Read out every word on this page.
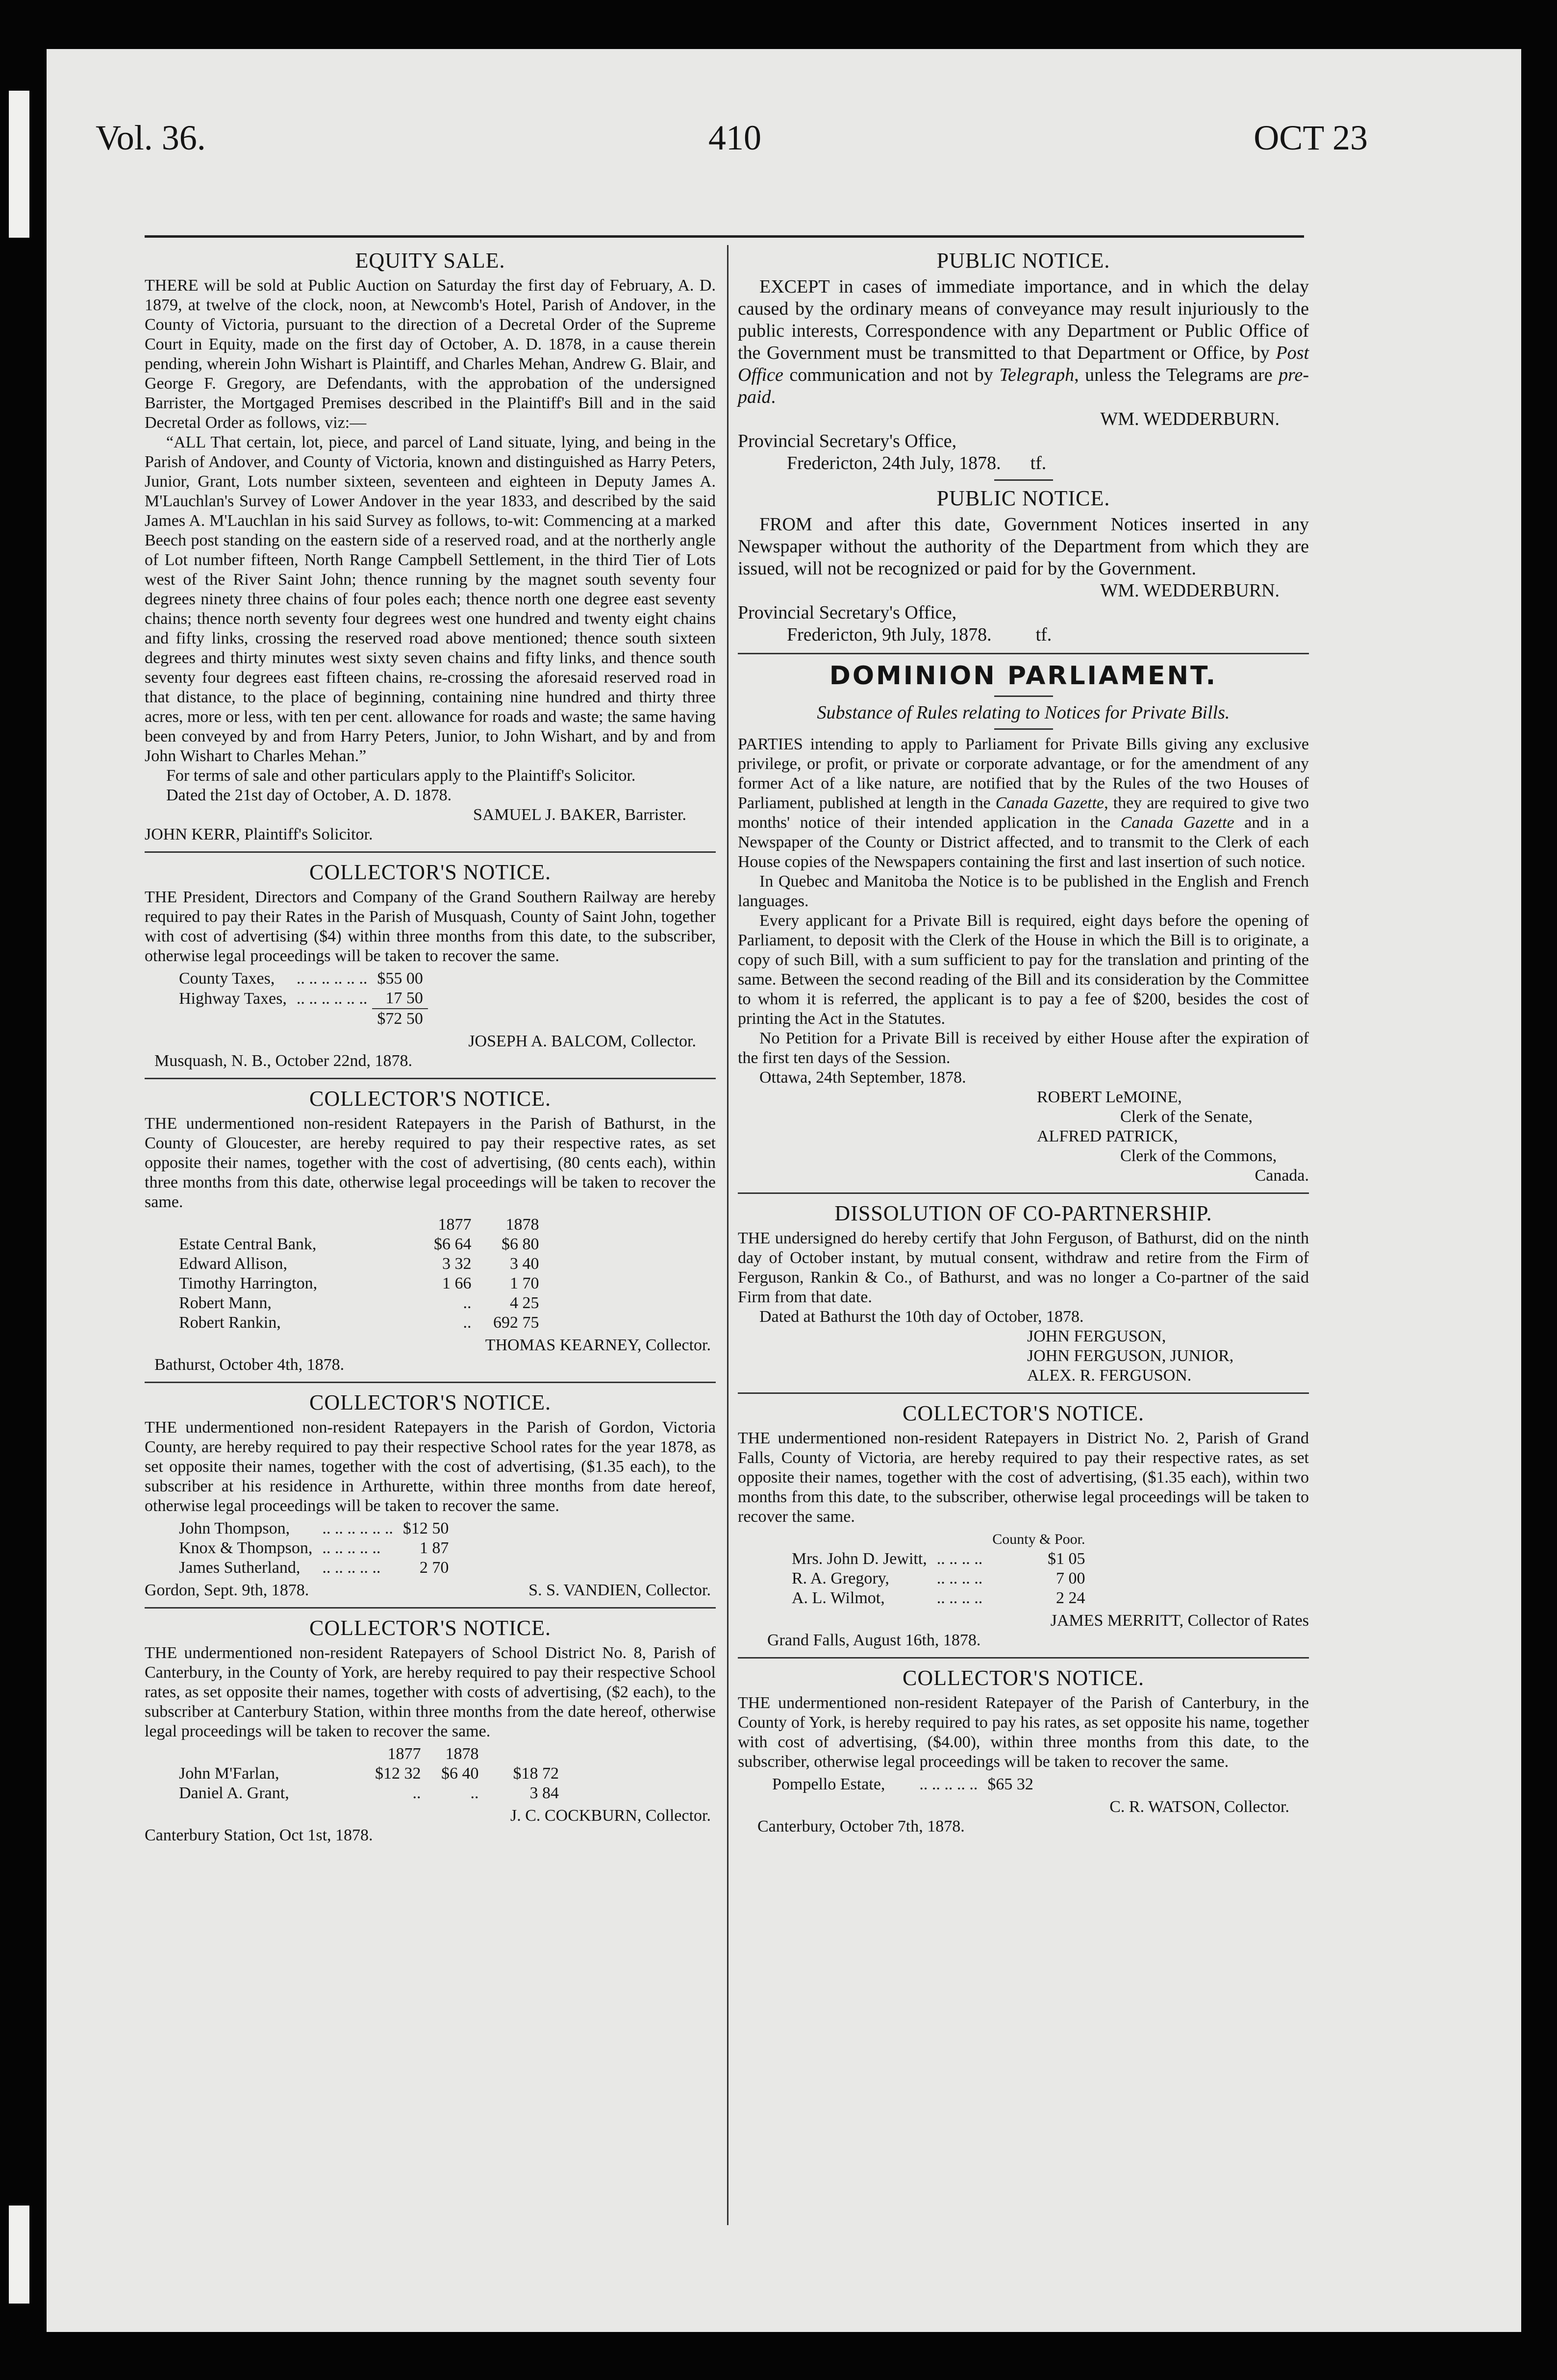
Vol. 36.	410	OCT 23
EQUITY SALE.

THERE will be sold at Public Auction on Saturday the first day of February, A. D. 1879, at twelve of the clock, noon, at Newcomb's Hotel, Parish of Andover, in the County of Victoria, pursuant to the direction of a Decretal Order of the Supreme Court in Equity, made on the first day of October, A. D. 1878, in a cause therein pending, wherein John Wishart is Plaintiff, and Charles Mehan, Andrew G. Blair, and George F. Gregory, are Defendants, with the approbation of the undersigned Barrister, the Mortgaged Premises described in the Plaintiff's Bill and in the said Decretal Order as follows, viz:—

“ALL That certain, lot, piece, and parcel of Land situate, lying, and being in the Parish of Andover, and County of Victoria, known and distinguished as Harry Peters, Junior, Grant, Lots number sixteen, seventeen and eighteen in Deputy James A. M'Lauchlan's Survey of Lower Andover in the year 1833, and described by the said James A. M'Lauchlan in his said Survey as follows, to-wit: Commencing at a marked Beech post standing on the eastern side of a reserved road, and at the northerly angle of Lot number fifteen, North Range Campbell Settlement, in the third Tier of Lots west of the River Saint John; thence running by the magnet south seventy four degrees ninety three chains of four poles each; thence north one degree east seventy chains; thence north seventy four degrees west one hundred and twenty eight chains and fifty links, crossing the reserved road above mentioned; thence south sixteen degrees and thirty minutes west sixty seven chains and fifty links, and thence south seventy four degrees east fifteen chains, re-crossing the aforesaid reserved road in that distance, to the place of beginning, containing nine hundred and thirty three acres, more or less, with ten per cent. allowance for roads and waste; the same having been conveyed by and from Harry Peters, Junior, to John Wishart, and by and from John Wishart to Charles Mehan.”

For terms of sale and other particulars apply to the Plaintiff's Solicitor.

Dated the 21st day of October, A. D. 1878.

SAMUEL J. BAKER, Barrister.

JOHN KERR, Plaintiff's Solicitor.

COLLECTOR'S NOTICE.

THE President, Directors and Company of the Grand Southern Railway are hereby required to pay their Rates in the Parish of Musquash, County of Saint John, together with cost of advertising ($4) within three months from this date, to the subscriber, otherwise legal proceedings will be taken to recover the same.

County Taxes,	.. .. .. .. .. ..	$55 00
Highway Taxes,	.. .. .. .. .. ..	17 50
		$72 50

JOSEPH A. BALCOM, Collector.

Musquash, N. B., October 22nd, 1878.

COLLECTOR'S NOTICE.

THE undermentioned non-resident Ratepayers in the Parish of Bathurst, in the County of Gloucester, are hereby required to pay their respective rates, as set opposite their names, together with the cost of advertising, (80 cents each), within three months from this date, otherwise legal proceedings will be taken to recover the same.

	1877	1878
Estate Central Bank,	$6 64	$6 80
Edward Allison,	3 32	3 40
Timothy Harrington,	1 66	1 70
Robert Mann,	..	4 25
Robert Rankin,	..	692 75

THOMAS KEARNEY, Collector.

Bathurst, October 4th, 1878.

COLLECTOR'S NOTICE.

THE undermentioned non-resident Ratepayers in the Parish of Gordon, Victoria County, are hereby required to pay their respective School rates for the year 1878, as set opposite their names, together with the cost of advertising, ($1.35 each), to the subscriber at his residence in Arthurette, within three months from date hereof, otherwise legal proceedings will be taken to recover the same.

John Thompson,	.. .. .. .. .. ..	$12 50
Knox & Thompson,	.. .. .. .. ..	1 87
James Sutherland,	.. .. .. .. ..	2 70
Gordon, Sept. 9th, 1878.	S. S. VANDIEN, Collector.
COLLECTOR'S NOTICE.

THE undermentioned non-resident Ratepayers of School District No. 8, Parish of Canterbury, in the County of York, are hereby required to pay their respective School rates, as set opposite their names, together with costs of advertising, ($2 each), to the subscriber at Canterbury Station, within three months from the date hereof, otherwise legal proceedings will be taken to recover the same.

	1877	1878	
John M'Farlan,	$12 32	$6 40	$18 72
Daniel A. Grant,	..	..	3 84

J. C. COCKBURN, Collector.

Canterbury Station, Oct 1st, 1878.

PUBLIC NOTICE.

EXCEPT in cases of immediate importance, and in which the delay caused by the ordinary means of conveyance may result injuriously to the public interests, Correspondence with any Department or Public Office of the Government must be transmitted to that Department or Office, by Post Office communication and not by Telegraph, unless the Telegrams are pre-paid.

WM. WEDDERBURN.

Provincial Secretary's Office,

Fredericton, 24th July, 1878. tf.

PUBLIC NOTICE.

FROM and after this date, Government Notices inserted in any Newspaper without the authority of the Department from which they are issued, will not be recognized or paid for by the Government.

WM. WEDDERBURN.

Provincial Secretary's Office,

Fredericton, 9th July, 1878. tf.

DOMINION PARLIAMENT.
Substance of Rules relating to Notices for Private Bills.

PARTIES intending to apply to Parliament for Private Bills giving any exclusive privilege, or profit, or private or corporate advantage, or for the amendment of any former Act of a like nature, are notified that by the Rules of the two Houses of Parliament, published at length in the Canada Gazette, they are required to give two months' notice of their intended application in the Canada Gazette and in a Newspaper of the County or District affected, and to transmit to the Clerk of each House copies of the Newspapers containing the first and last insertion of such notice.

In Quebec and Manitoba the Notice is to be published in the English and French languages.

Every applicant for a Private Bill is required, eight days before the opening of Parliament, to deposit with the Clerk of the House in which the Bill is to originate, a copy of such Bill, with a sum sufficient to pay for the translation and printing of the same. Between the second reading of the Bill and its consideration by the Committee to whom it is referred, the applicant is to pay a fee of $200, besides the cost of printing the Act in the Statutes.

No Petition for a Private Bill is received by either House after the expiration of the first ten days of the Session.

Ottawa, 24th September, 1878.

ROBERT LeMOINE,

Clerk of the Senate,

ALFRED PATRICK,

Clerk of the Commons,

Canada.

DISSOLUTION OF CO-PARTNERSHIP.

THE undersigned do hereby certify that John Ferguson, of Bathurst, did on the ninth day of October instant, by mutual consent, withdraw and retire from the Firm of Ferguson, Rankin & Co., of Bathurst, and was no longer a Co-partner of the said Firm from that date.

Dated at Bathurst the 10th day of October, 1878.

JOHN FERGUSON,

JOHN FERGUSON, JUNIOR,

ALEX. R. FERGUSON.

COLLECTOR'S NOTICE.

THE undermentioned non-resident Ratepayers in District No. 2, Parish of Grand Falls, County of Victoria, are hereby required to pay their respective rates, as set opposite their names, together with the cost of advertising, ($1.35 each), within two months from this date, to the subscriber, otherwise legal proceedings will be taken to recover the same.

		County & Poor.
Mrs. John D. Jewitt,	.. .. .. ..	$1 05
R. A. Gregory,	.. .. .. ..	7 00
A. L. Wilmot,	.. .. .. ..	2 24

JAMES MERRITT, Collector of Rates

Grand Falls, August 16th, 1878.

COLLECTOR'S NOTICE.

THE undermentioned non-resident Ratepayer of the Parish of Canterbury, in the County of York, is hereby required to pay his rates, as set opposite his name, together with cost of advertising, ($4.00), within three months from this date, to the subscriber, otherwise legal proceedings will be taken to recover the same.

Pompello Estate,	.. .. .. .. ..	$65 32

C. R. WATSON, Collector.

Canterbury, October 7th, 1878.
